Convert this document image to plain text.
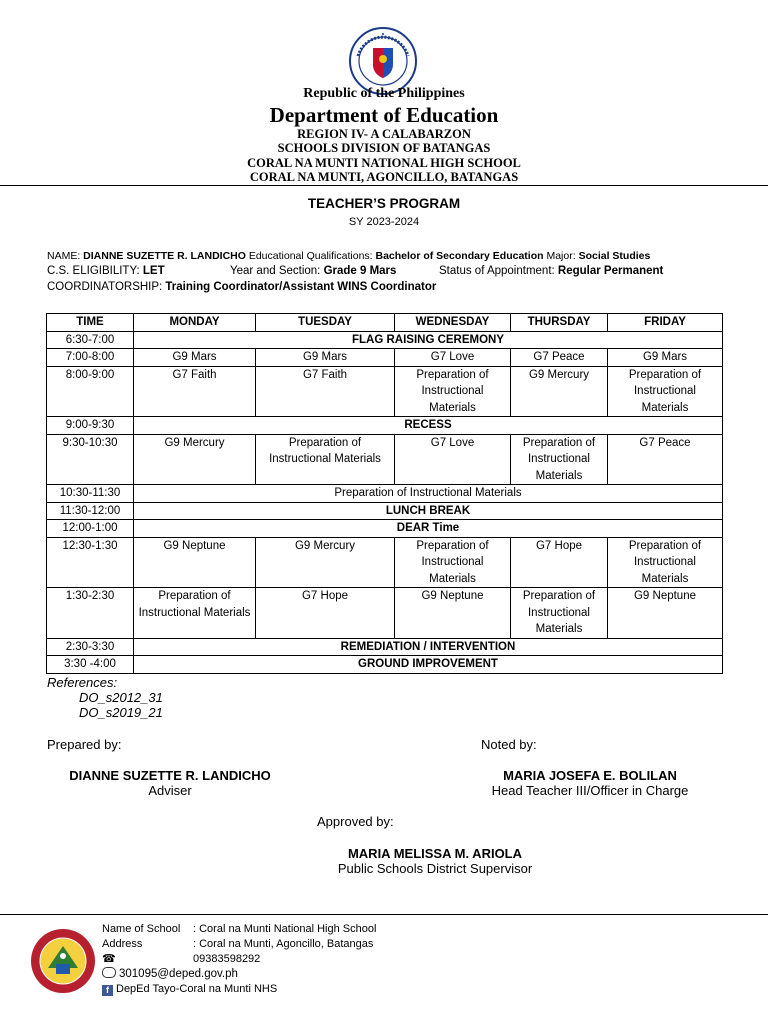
Republic of the Philippines
Department of Education
REGION IV- A CALABARZON
SCHOOLS DIVISION OF BATANGAS
CORAL NA MUNTI NATIONAL HIGH SCHOOL
CORAL NA MUNTI, AGONCILLO, BATANGAS
TEACHER’S PROGRAM
SY 2023-2024
NAME: DIANNE SUZETTE R. LANDICHO Educational Qualifications: Bachelor of Secondary Education Major: Social Studies
C.S. ELIGIBILITY: LET	Year and Section: Grade 9 Mars	Status of Appointment: Regular Permanent
COORDINATORSHIP: Training Coordinator/Assistant WINS Coordinator
TIME	MONDAY	TUESDAY	WEDNESDAY	THURSDAY	FRIDAY
6:30-7:00	FLAG RAISING CEREMONY				
7:00-8:00	G9 Mars	G9 Mars	G7 Love	G7 Peace	G9 Mars
8:00-9:00	G7 Faith	G7 Faith	Preparation of Instructional Materials	G9 Mercury	Preparation of Instructional Materials
9:00-9:30	RECESS				
9:30-10:30	G9 Mercury	Preparation of Instructional Materials	G7 Love	Preparation of Instructional Materials	G7 Peace
10:30-11:30	Preparation of Instructional Materials				
11:30-12:00	LUNCH BREAK				
12:00-1:00	DEAR Time				
12:30-1:30	G9 Neptune	G9 Mercury	Preparation of Instructional Materials	G7 Hope	Preparation of Instructional Materials
1:30-2:30	Preparation of Instructional Materials	G7 Hope	G9 Neptune	Preparation of Instructional Materials	G9 Neptune
2:30-3:30	REMEDIATION / INTERVENTION				
3:30 -4:00	GROUND IMPROVEMENT				
References:
DO_s2012_31
DO_s2019_21
Prepared by:	Noted by:
DIANNE SUZETTE R. LANDICHO
Adviser
MARIA JOSEFA E. BOLILAN
Head Teacher III/Officer in Charge
Approved by:
MARIA MELISSA M. ARIOLA
Public Schools District Supervisor
Name of School : Coral na Munti National High School
Address	: Coral na Munti, Agoncillo, Batangas
☎	09383598292
301095@deped.gov.ph
f DepEd Tayo-Coral na Munti NHS
